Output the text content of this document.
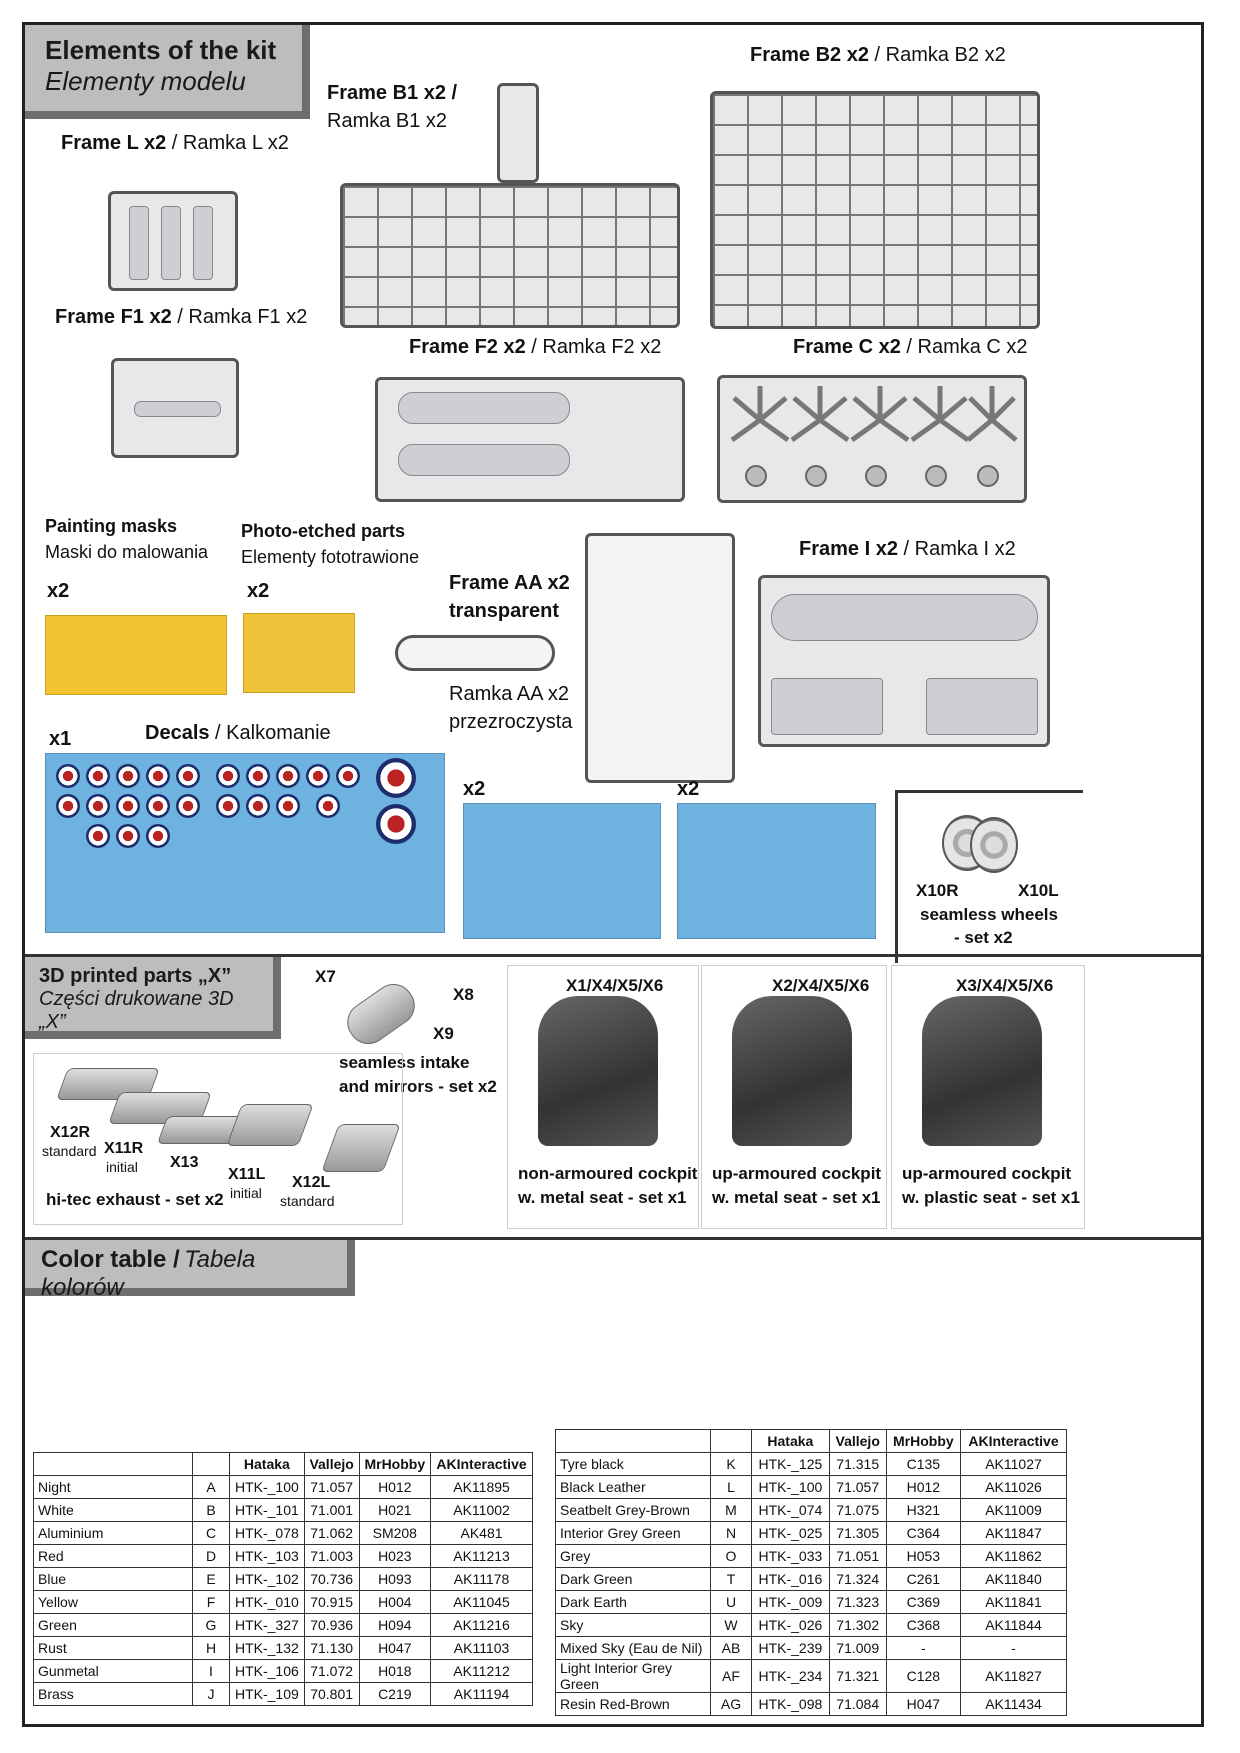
Elements of the kit
Elementy modelu
Frame L x2 / Ramka L x2
Frame B1 x2 /
Ramka B1 x2
Frame B2 x2 / Ramka B2 x2
Frame F1 x2 / Ramka F1 x2
Frame F2 x2 / Ramka F2 x2	Frame C x2 / Ramka C x2
Painting masks
Maski do malowania
x2
Photo-etched parts
Elementy fototrawione
x2	Frame AA x2
transparent
Ramka AA x2
przezroczysta
Frame I x2 / Ramka I x2
x1	Decals / Kalkomanie
x2	x2
X10R	X10L
seamless wheels
- set x2
3D printed parts „X”
Części drukowane 3D „X”
X7
X8
X9
seamless intake
and mirrors - set x2
X12R
standard X11R
initial X13
X11L
initial
X12L
standard
hi-tec exhaust - set x2
X1/X4/X5/X6
non-armoured cockpit
w. metal seat - set x1
X2/X4/X5/X6
up-armoured cockpit
w. metal seat - set x1
X3/X4/X5/X6
up-armoured cockpit
w. plastic seat - set x1
Color table / Tabela kolorów
		Hataka	Vallejo	MrHobby	AKInteractive
Night	A	HTK-_100	71.057	H012	AK11895
White	B	HTK-_101	71.001	H021	AK11002
Aluminium	C	HTK-_078	71.062	SM208	AK481
Red	D	HTK-_103	71.003	H023	AK11213
Blue	E	HTK-_102	70.736	H093	AK11178
Yellow	F	HTK-_010	70.915	H004	AK11045
Green	G	HTK-_327	70.936	H094	AK11216
Rust	H	HTK-_132	71.130	H047	AK11103
Gunmetal	I	HTK-_106	71.072	H018	AK11212
Brass	J	HTK-_109	70.801	C219	AK11194
		Hataka	Vallejo	MrHobby	AKInteractive
Tyre black	K	HTK-_125	71.315	C135	AK11027
Black Leather	L	HTK-_100	71.057	H012	AK11026
Seatbelt Grey-Brown	M	HTK-_074	71.075	H321	AK11009
Interior Grey Green	N	HTK-_025	71.305	C364	AK11847
Grey	O	HTK-_033	71.051	H053	AK11862
Dark Green	T	HTK-_016	71.324	C261	AK11840
Dark Earth	U	HTK-_009	71.323	C369	AK11841
Sky	W	HTK-_026	71.302	C368	AK11844
Mixed Sky (Eau de Nil)	AB	HTK-_239	71.009	-	-
Light Interior Grey Green	AF	HTK-_234	71.321	C128	AK11827
Resin Red-Brown	AG	HTK-_098	71.084	H047	AK11434
